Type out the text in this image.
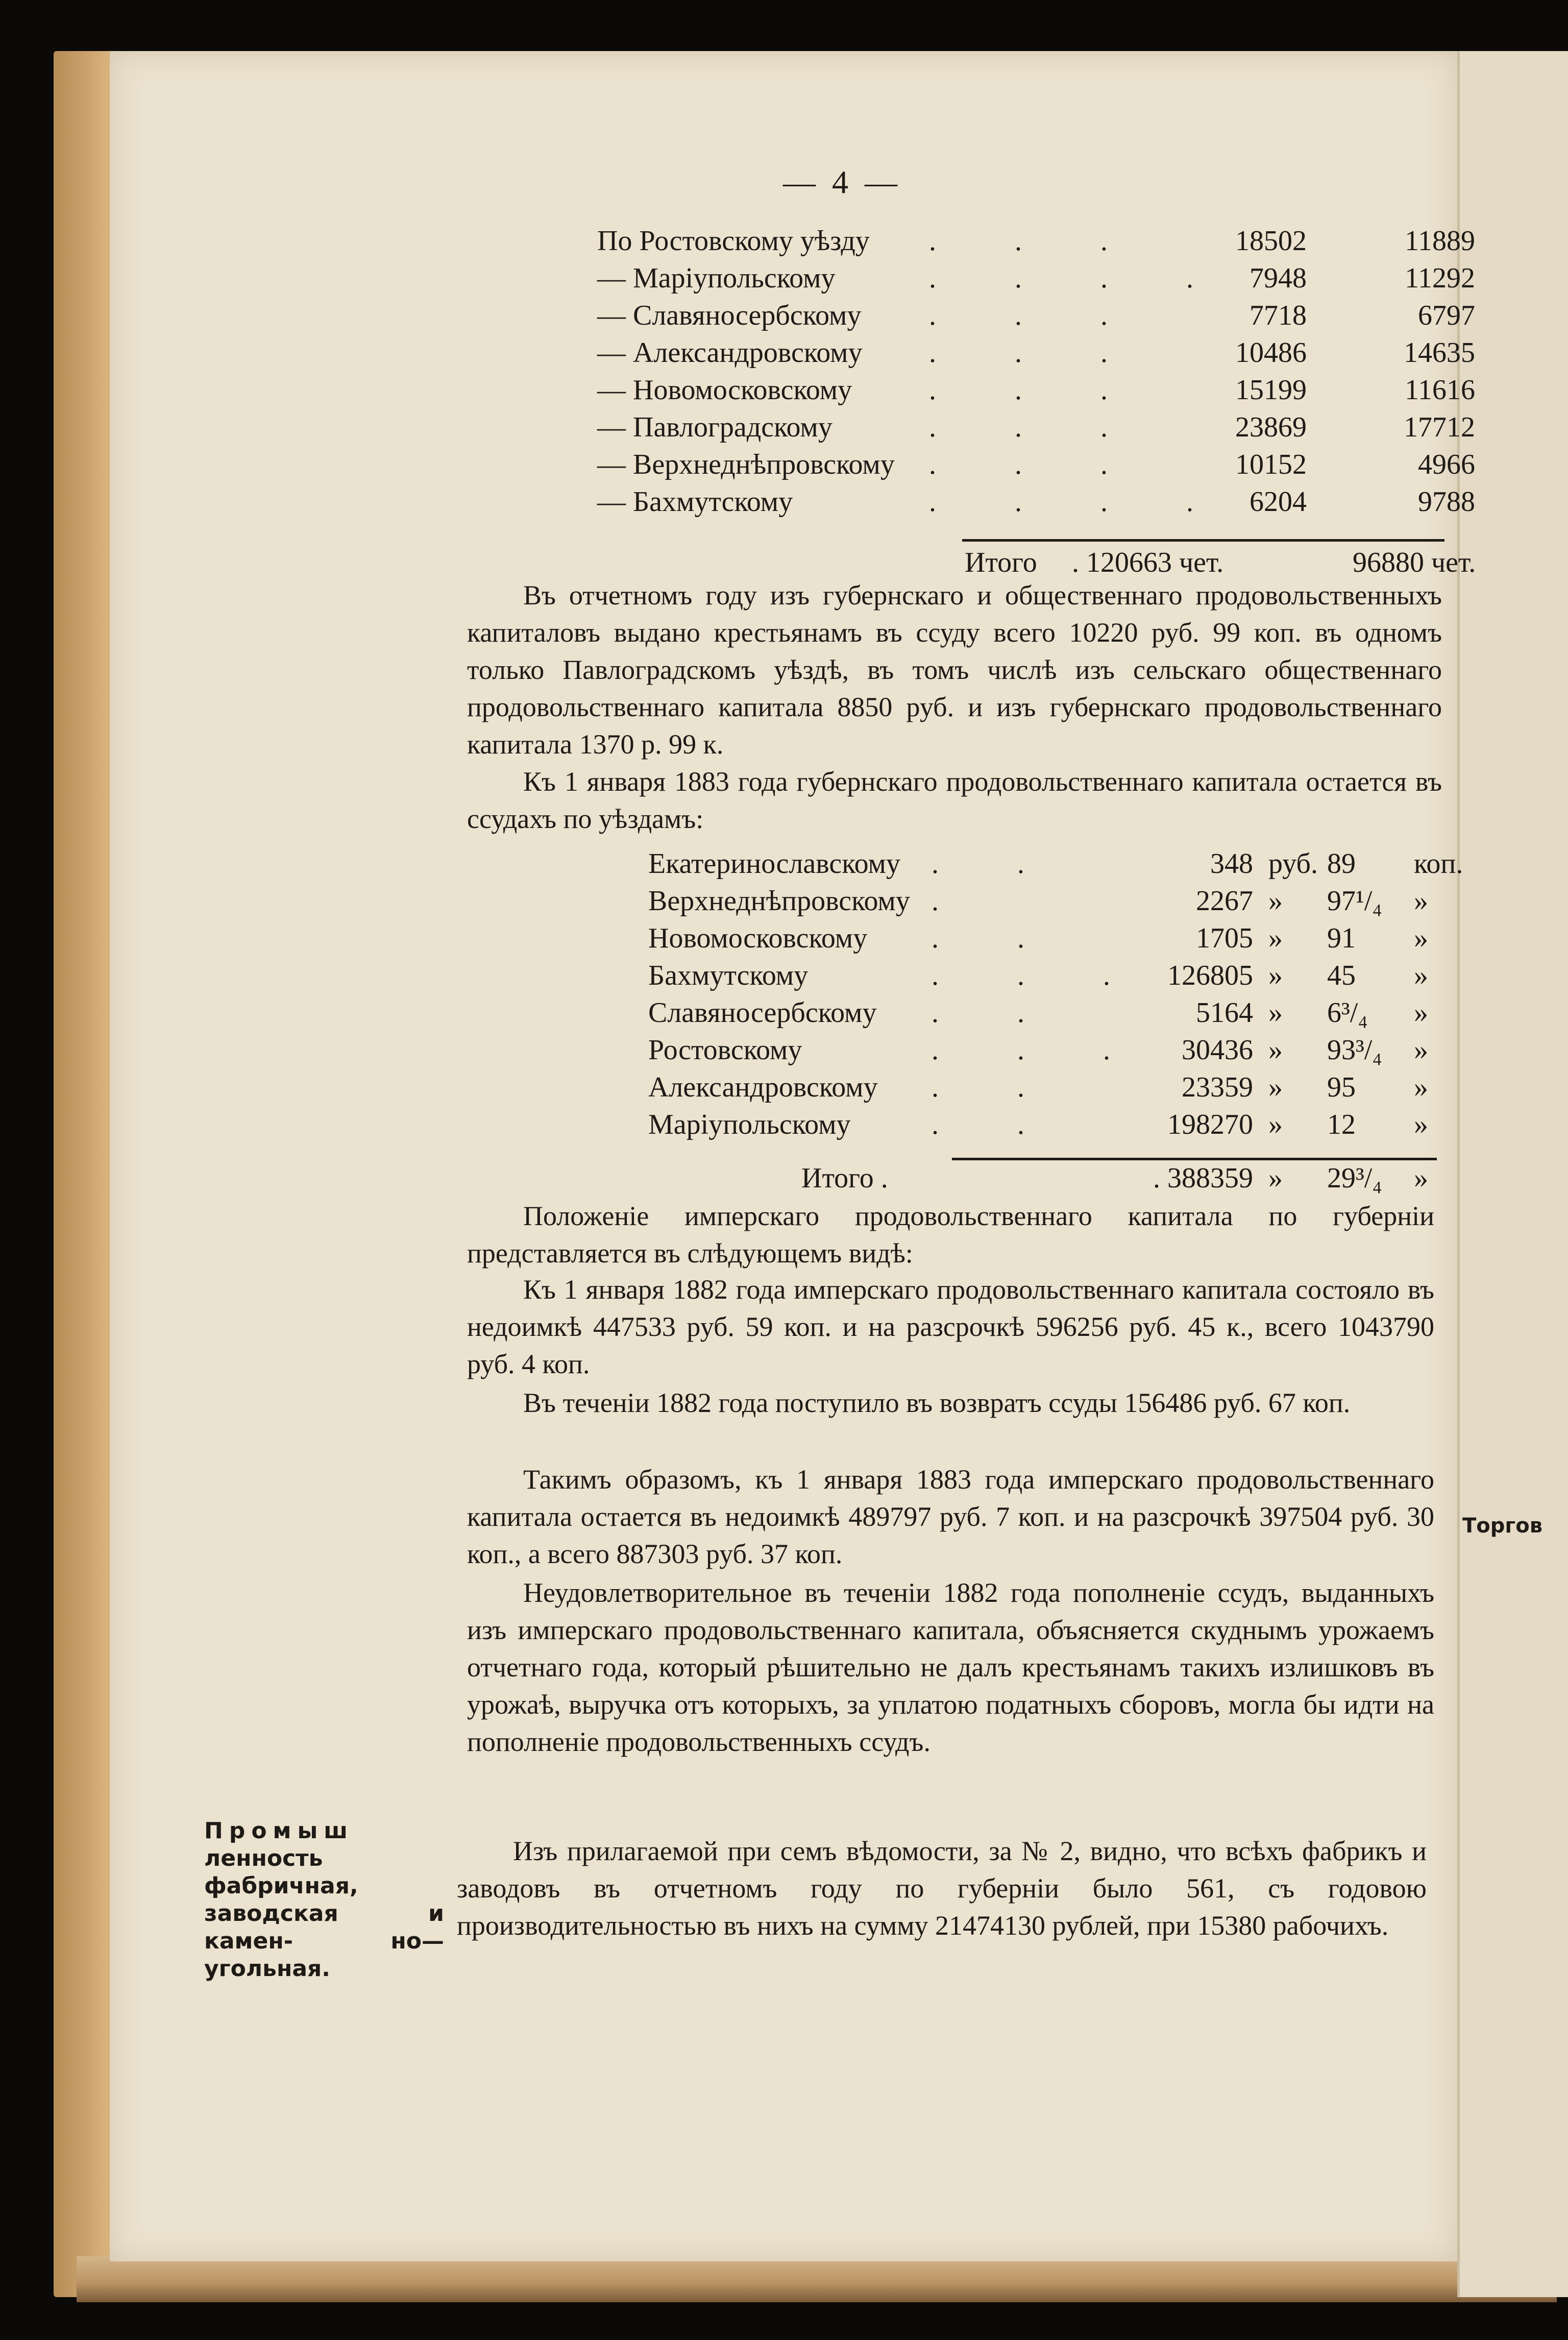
Торгов
— 4 —
По Ростовскому уѣзду . . .	18502	11889
— Маріупольскому	. . . . 7948	11292
— Славяносербскому . . .	7718	6797
— Александровскому . . .	10486	14635
— Новомосковскому	. . .	15199	11616
— Павлоградскому	. . .	23869	17712
— Верхнеднѣпровскому . . .	10152	4966
— Бахмутскому	. . . . 6204	9788
Итого . 120663 чет.	96880 чет.

Въ отчетномъ году изъ губернскаго и общественнаго продовольственныхъ капиталовъ выдано крестьянамъ въ ссуду всего 10220 руб. 99 коп. въ одномъ только Павлоградскомъ уѣздѣ, въ томъ числѣ изъ сельскаго общественнаго продовольственнаго капитала 8850 руб. и изъ губернскаго продовольственнаго капитала 1370 р. 99 к.

Къ 1 января 1883 года губернскаго продовольственнаго капитала остается въ ссудахъ по уѣздамъ:

Екатеринославскому . .	348 руб. 89	коп.
Верхнеднѣпровскому .	2267 » 97¹/₄	»
Новомосковскому . .	1705 » 91	»
Бахмутскому	. . . 126805 » 45	»
Славяносербскому . .	5164 » 6³/₄	»
Ростовскому	. . .	30436 » 93³/₄	»
Александровскому . .	23359 » 95	»
Маріупольскому	. .	198270 » 12	»
Итого .	. 388359 » 29³/₄ »

Положеніе имперскаго продовольственнаго капитала по губерніи представляется въ слѣдующемъ видѣ:

Къ 1 января 1882 года имперскаго продовольственнаго капитала состояло въ недоимкѣ 447533 руб. 59 коп. и на разсрочкѣ 596256 руб. 45 к., всего 1043790 руб. 4 коп.

Въ теченіи 1882 года поступило въ возвратъ ссуды 156486 руб. 67 коп.

Такимъ образомъ, къ 1 января 1883 года имперскаго продовольственнаго капитала остается въ недоимкѣ 489797 руб. 7 коп. и на разсрочкѣ 397504 руб. 30 коп., а всего 887303 руб. 37 коп.

Неудовлетворительное въ теченіи 1882 года пополненіе ссудъ, выданныхъ изъ имперскаго продовольственнаго капитала, объясняется скуднымъ урожаемъ отчетнаго года, который рѣшительно не далъ крестьянамъ такихъ излишковъ въ урожаѣ, выручка отъ которыхъ, за уплатою податныхъ сборовъ, могла бы идти на пополненіе продовольственныхъ ссудъ.

Промыш ленность фабричная, заводская и камен- но—угольная.

Изъ прилагаемой при семъ вѣдомости, за № 2, видно, что всѣхъ фабрикъ и заводовъ въ отчетномъ году по губерніи было 561, съ годовою производительностью въ нихъ на сумму 21474130 рублей, при 15380 рабочихъ.
